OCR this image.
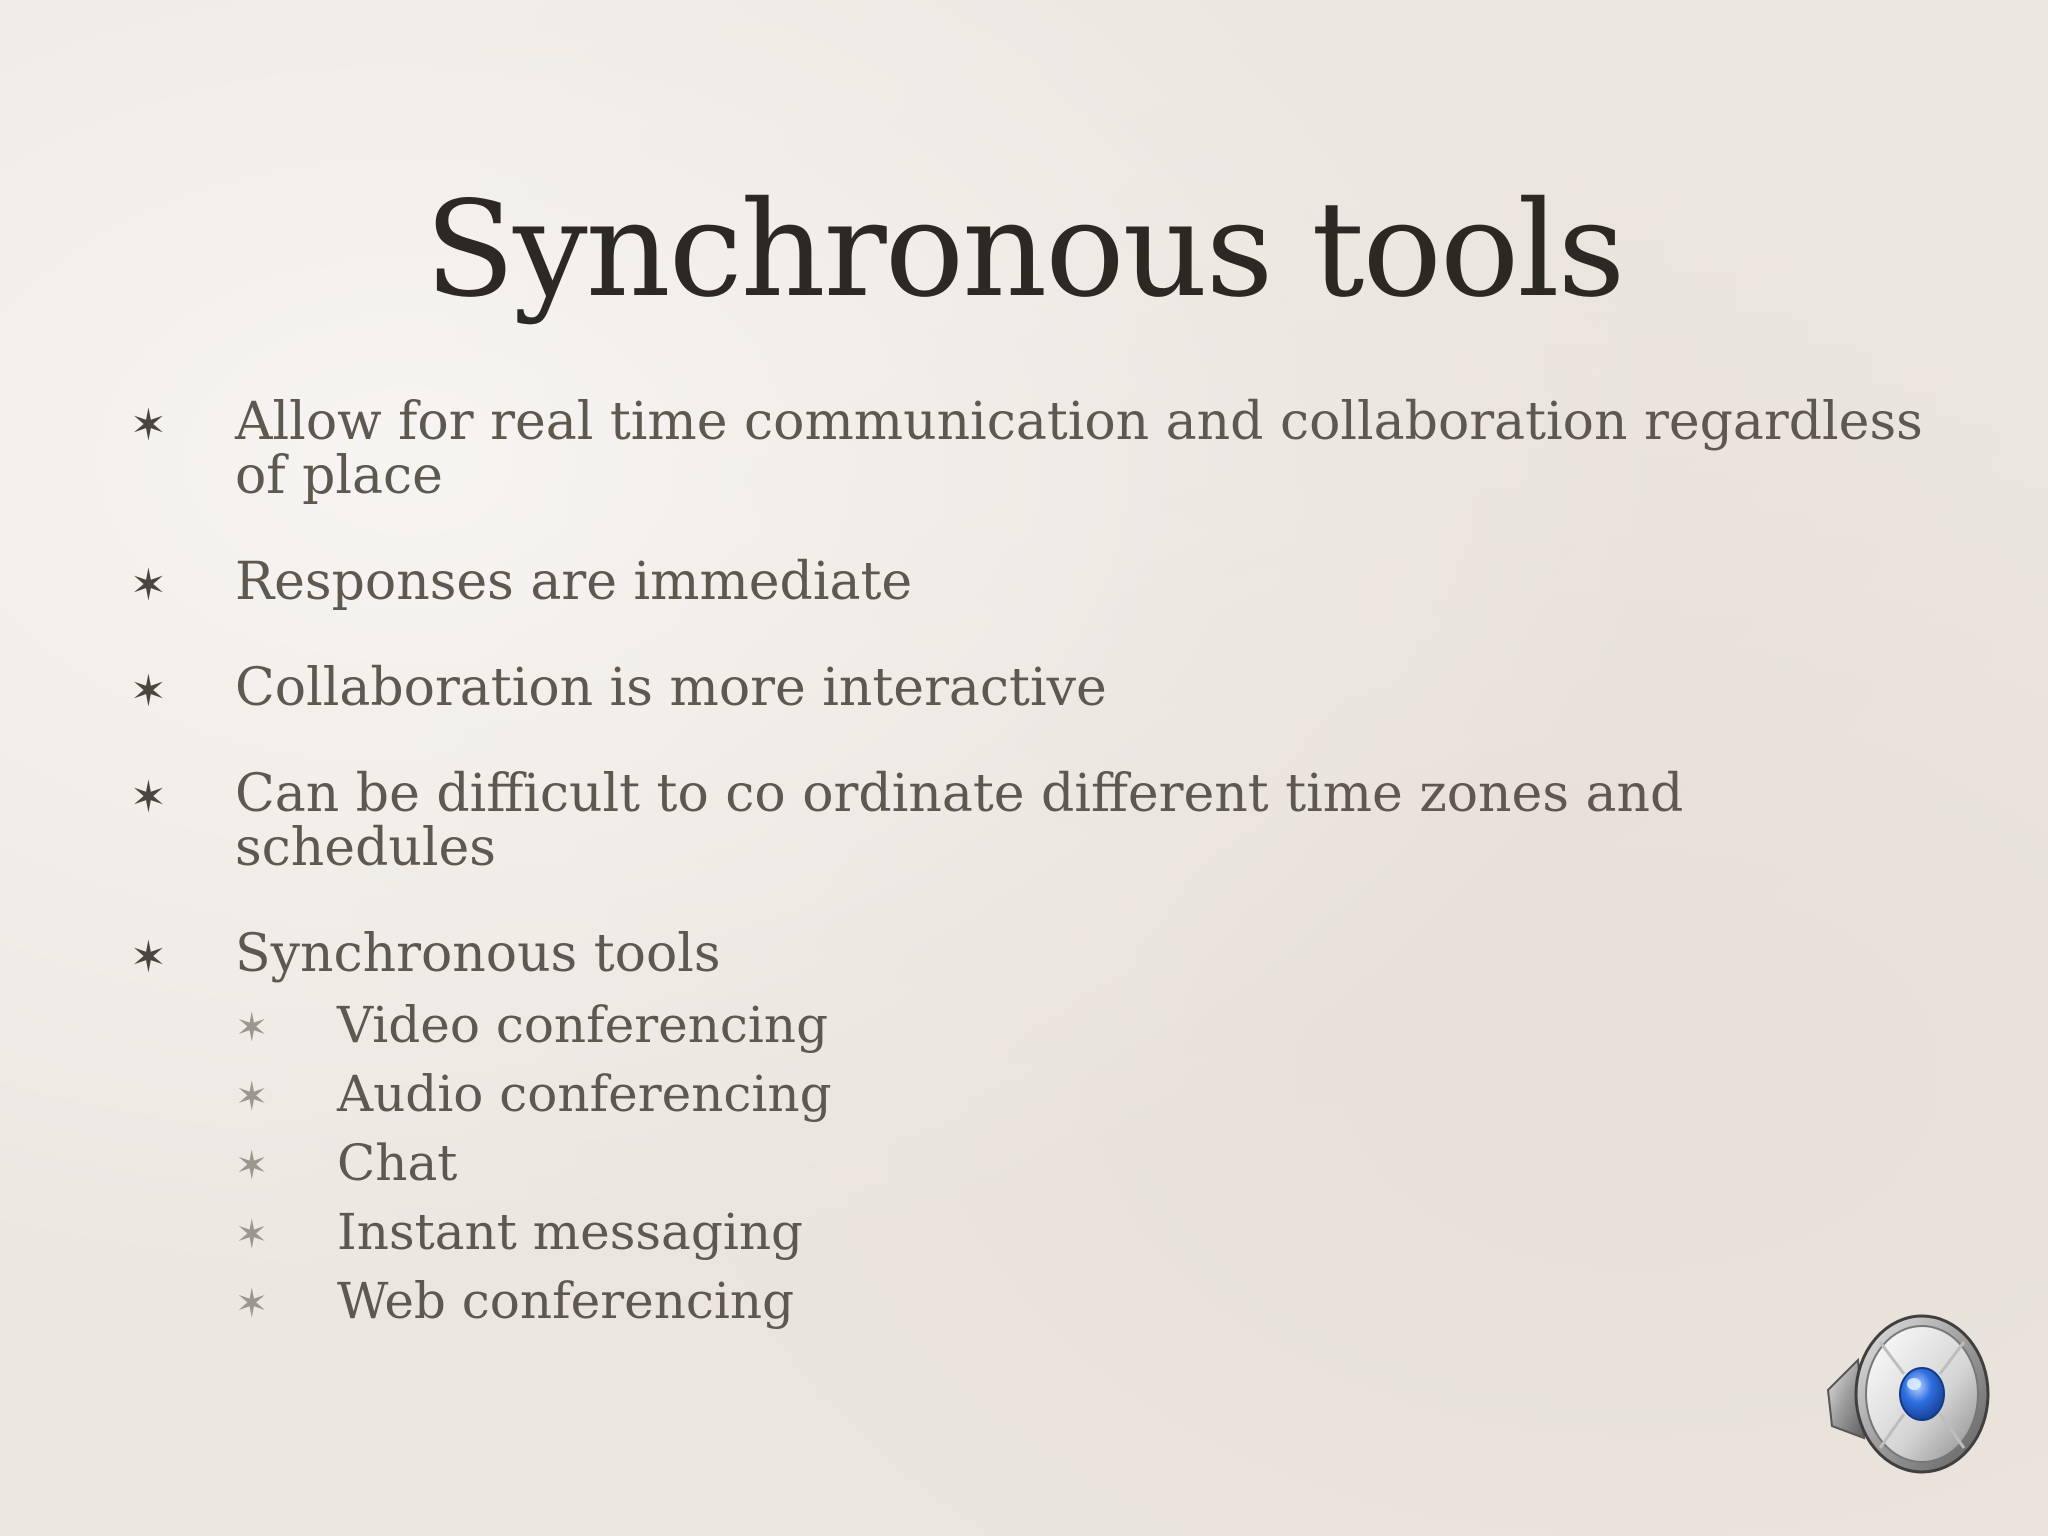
Synchronous tools
✶ Allow for real time communication and collaboration regardless of place
✶ Responses are immediate
✶ Collaboration is more interactive
✶ Can be difficult to co ordinate different time zones and schedules
✶ Synchronous tools
✶ Video conferencing
✶ Audio conferencing
✶ Chat
✶ Instant messaging
✶ Web conferencing
